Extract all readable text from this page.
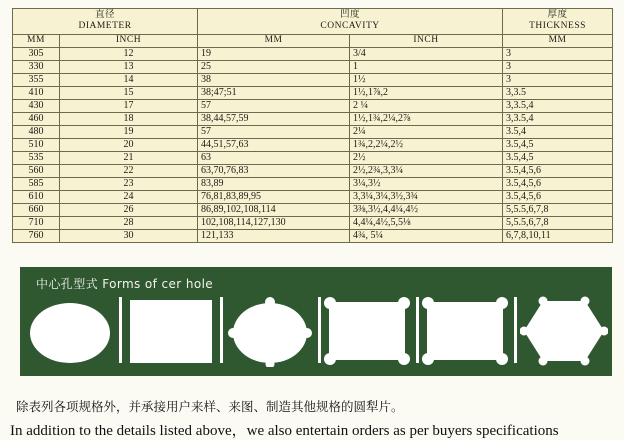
直径
DIAMETER		凹度
CONCAVITY		厚度
THICKNESS

MM	INCH	MM	INCH	MM
305	12	19	3/4	3
330	13	25	1	3
355	14	38	1½	3
410	15	38;47;51	1½,1⅞,2	3,3.5
430	17	57	2 ¼	3,3.5,4
460	18	38,44,57,59	1½,1¾,2¼,2⅞	3,3.5,4
480	19	57	2¼	3.5,4
510	20	44,51,57,63	1¾,2,2¼,2½	3.5,4,5
535	21	63	2½	3.5,4,5
560	22	63,70,76,83	2½,2¾,3,3¼	3.5,4,5,6
585	23	83,89	3¼,3½	3.5,4,5,6
610	24	76,81,83,89,95	3,3¼,3¼,3½,3¾	3.5,4,5,6
660	26	86,89,102,108,114	3⅜,3½,4,4¼,4½	5,5.5,6,7,8
710	28	102,108,114,127,130	4,4¼,4½,5,5⅛	5,5.5,6,7,8
760	30	121,133	4¾, 5¼	6,7,8,10,11
中心孔型式 Forms of cer hole
除表列各项规格外，并承接用户来样、来图、制造其他规格的圆犁片。
In addition to the details listed above，we also entertain orders as per buyers specifications
